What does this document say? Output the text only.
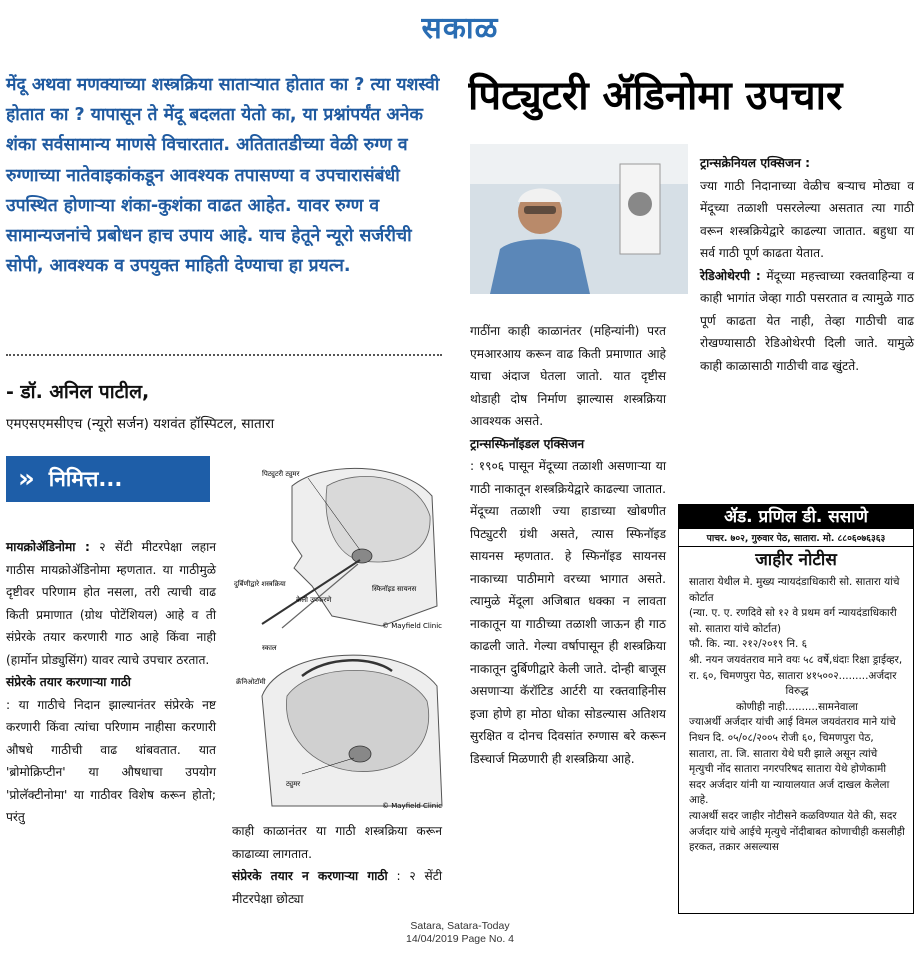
सकाळ
मेंदू अथवा मणक्याच्या शस्त्रक्रिया सातार्‍यात होतात का ? त्या यशस्वी होतात का ? यापासून ते मेंदू बदलता येतो का, या प्रश्नांपर्यंत अनेक शंका सर्वसामान्य माणसे विचारतात. अतितातडीच्या वेळी रुग्ण व रुग्णाच्या नातेवाइकांकडून आवश्यक तपासण्या व उपचारासंबंधी उपस्थित होणार्‍या शंका-कुशंका वाढत आहेत. यावर रुग्ण व सामान्यजनांचे प्रबोधन हाच उपाय आहे. याच हेतूने न्यूरो सर्जरीची सोपी, आवश्यक व उपयुक्त माहिती देण्याचा हा प्रयत्न.
पिट्युटरी ॲडिनोमा उपचार
- डॉ. अनिल पाटील,
एमएसएमसीएच (न्यूरो सर्जन) यशवंत हॉस्पिटल, सातारा
» निमित्त...
मायक्रोॲडिनोमा : २ सेंटी मीटरपेक्षा लहान गाठीस मायक्रोॲडिनोमा म्हणतात. या गाठीमुळे दृष्टीवर परिणाम होत नसला, तरी त्याची वाढ किती प्रमाणात (ग्रोथ पोटेंशियल) आहे व ती संप्रेरके तयार करणारी गाठ आहे किंवा नाही (हार्मोन प्रोड्युसिंग) यावर त्याचे उपचार ठरतात.
संप्रेरके तयार करणाऱ्या गाठी
: या गाठीचे निदान झाल्यानंतर संप्रेरके नष्ट करणारी किंवा त्यांचा परिणाम नाहीसा करणारी औषधे गाठीची वाढ थांबवतात. यात 'ब्रोमोक्रिप्टीन' या औषधाचा उपयोग 'प्रोलॅक्टीनोमा' या गाठीवर विशेष करून होतो; परंतु
पिट्युटरी ट्युमर
स्फिनॉइड सायनस
दुर्बिणीद्वारे शस्त्रक्रिया
केली उपकरणे
© Mayfield Clinic
स्काल
क्रॅनिओटॉमी
ट्युमर
© Mayfield Clinic
काही काळानंतर या गाठी शस्त्रक्रिया करून काढाव्या लागतात.
संप्रेरके तयार न करणाऱ्या गाठी : २ सेंटी मीटरपेक्षा छोट्या
गाठींना काही काळानंतर (महिन्यांनी) परत एमआरआय करून वाढ किती प्रमाणात आहे याचा अंदाज घेतला जातो. यात दृष्टीस थोडाही दोष निर्माण झाल्यास शस्त्रक्रिया आवश्यक असते.
ट्रान्सस्फिनॉइडल एक्सिजन
: १९०६ पासून मेंदूच्या तळाशी असणाऱ्या या गाठी नाकातून शस्त्रक्रियेद्वारे काढल्या जातात. मेंदूच्या तळाशी ज्या हाडाच्या खोबणीत पिट्युटरी ग्रंथी असते, त्यास स्फिनॉइड सायनस म्हणतात. हे स्फिनॉइड सायनस नाकाच्या पाठीमागे वरच्या भागात असते. त्यामुळे मेंदूला अजिबात धक्का न लावता नाकातून या गाठीच्या तळाशी जाऊन ही गाठ काढली जाते. गेल्या वर्षापासून ही शस्त्रक्रिया नाकातून दुर्बिणीद्वारे केली जाते. दोन्ही बाजूस असणाऱ्या कॅरॉटिड आर्टरी या रक्तवाहिनीस इजा होणे हा मोठा धोका सोडल्यास अतिशय सुरक्षित व दोनच दिवसांत रुग्णास बरे करून डिस्चार्ज मिळणारी ही शस्त्रक्रिया आहे.
ट्रान्सक्रेनियल एक्सिजन :
ज्या गाठी निदानाच्या वेळीच बऱ्याच मोठ्या व मेंदूच्या तळाशी पसरलेल्या असतात त्या गाठी वरून शस्त्रक्रियेद्वारे काढल्या जातात. बहुधा या सर्व गाठी पूर्ण काढता येतात.
रेडिओथेरपी : मेंदूच्या महत्त्वाच्या रक्तवाहिन्या व काही भागांत जेव्हा गाठी पसरतात व त्यामुळे गाठ पूर्ण काढता येत नाही, तेव्हा गाठीची वाढ रोखण्यासाठी रेडिओथेरपी दिली जाते. यामुळे काही काळासाठी गाठीची वाढ खुंटते.
ॲड. प्रणिल डी. ससाणे
पाचर. ७०२, गुरुवार पेठ, सातारा. मो. ८८०६०७६३६३
जाहीर नोटीस
सातारा येथील मे. मुख्य न्यायदंडाधिकारी सो. सातारा यांचे कोर्टात
(न्या. ए. ए. रणदिवे सो १२ वे प्रथम वर्ग न्यायदंडाधिकारी सो. सातारा यांचे कोर्टात)
फौ. कि. न्या. २१२/२०१९ नि. ६
श्री. नयन जयवंतराव माने वयः ५८ वर्षे,धंदाः रिक्षा ड्राईव्हर, रा. ६०, चिमणपुरा पेठ, सातारा ४१५००२.........अर्जदार

विरुद्ध
कोणीही नाही..........सामनेवाला
ज्याअर्थी अर्जदार यांची आई विमल जयवंतराव माने यांचे निधन दि. ०५/०८/२००५ रोजी ६०, चिमणपुरा पेठ, सातारा, ता. जि. सातारा येथे घरी झाले असून त्यांचे मृत्युची नोंद सातारा नगरपरिषद सातारा येथे होणेकामी सदर अर्जदार यांनी या न्यायालयात अर्ज दाखल केलेला आहे.
त्याअर्थी सदर जाहीर नोटीसने कळविण्यात येते की, सदर अर्जदार यांचे आईचे मृत्युचे नोंदीबाबत कोणाचीही कसलीही हरकत, तक्रार असल्यास
Satara, Satara-Today
14/04/2019 Page No. 4
